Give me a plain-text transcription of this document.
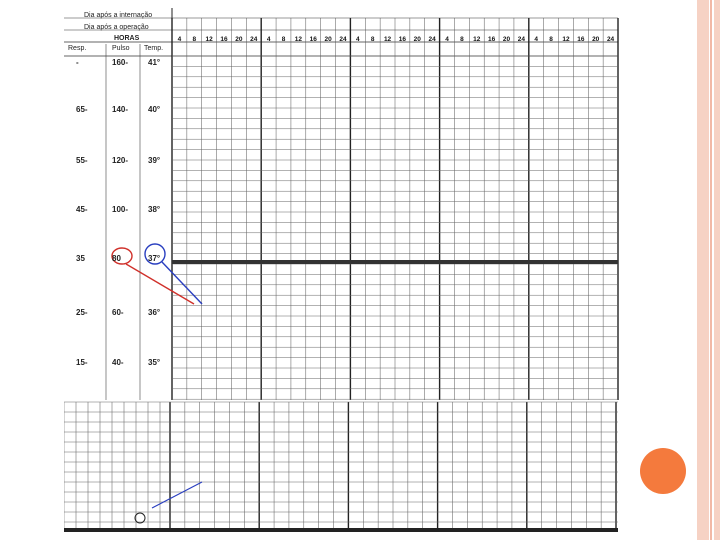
Dia após a internação
Dia após a operação
HORAS
Resp.	Pulso Temp.
4	8	12	16	20	24	4	8	12	16	20	24	4	8	12	16	20	24	4	8	12	16	20	24	4	8	12	16	20	24
-	160- 41°
65-	140- 40°
55-	120- 39°
45-	100- 38°
35	80	37°
25-	60-	36°
15-	40-	35°
